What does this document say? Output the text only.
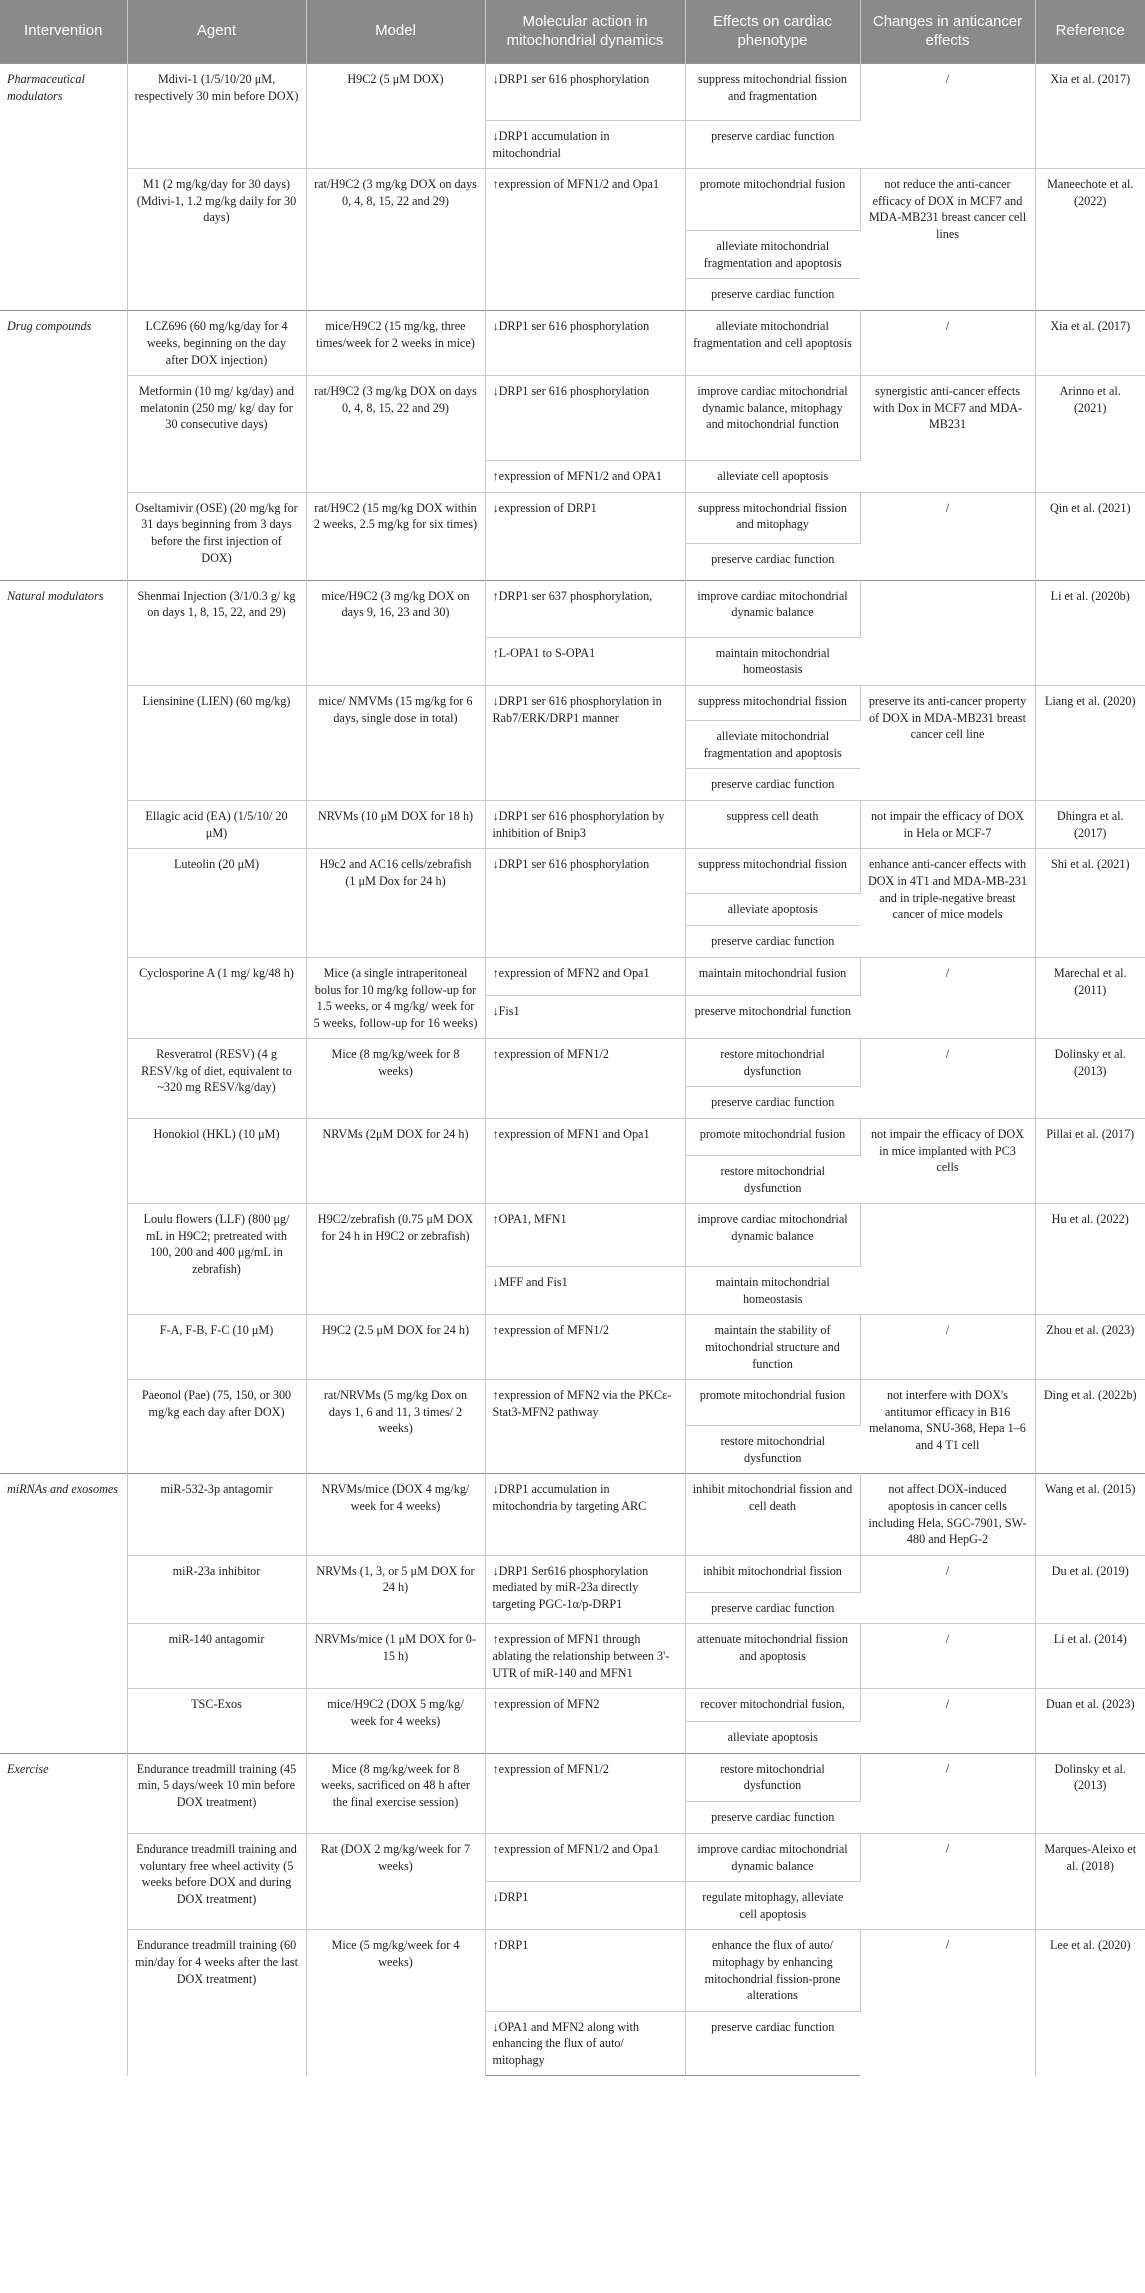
Intervention	Agent	Model	Molecular action in mitochondrial dynamics	Effects on cardiac phenotype	Changes in anticancer effects	Reference
Pharmaceutical modulators	Mdivi-1 (1/5/10/20 μM, respectively 30 min before DOX)	H9C2 (5 μM DOX)	↓DRP1 ser 616 phosphorylation	suppress mitochondrial fission and fragmentation	/	Xia et al. (2017)
			↓DRP1 accumulation in mitochondrial	preserve cardiac function		
	M1 (2 mg/kg/day for 30 days) (Mdivi-1, 1.2 mg/kg daily for 30 days)	rat/H9C2 (3 mg/kg DOX on days 0, 4, 8, 15, 22 and 29)	↑expression of MFN1/2 and Opa1	promote mitochondrial fusion	not reduce the anti-cancer efficacy of DOX in MCF7 and MDA-MB231 breast cancer cell lines	Maneechote et al. (2022)
				alleviate mitochondrial fragmentation and apoptosis		
				preserve cardiac function		
Drug compounds	LCZ696 (60 mg/kg/day for 4 weeks, beginning on the day after DOX injection)	mice/H9C2 (15 mg/kg, three times/week for 2 weeks in mice)	↓DRP1 ser 616 phosphorylation	alleviate mitochondrial fragmentation and cell apoptosis	/	Xia et al. (2017)
	Metformin (10 mg/ kg/day) and melatonin (250 mg/ kg/ day for 30 consecutive days)	rat/H9C2 (3 mg/kg DOX on days 0, 4, 8, 15, 22 and 29)	↓DRP1 ser 616 phosphorylation	improve cardiac mitochondrial dynamic balance, mitophagy and mitochondrial function	synergistic anti-cancer effects with Dox in MCF7 and MDA-MB231	Arinno et al. (2021)
			↑expression of MFN1/2 and OPA1	alleviate cell apoptosis		
	Oseltamivir (OSE) (20 mg/kg for 31 days beginning from 3 days before the first injection of DOX)	rat/H9C2 (15 mg/kg DOX within 2 weeks, 2.5 mg/kg for six times)	↓expression of DRP1	suppress mitochondrial fission and mitophagy	/	Qin et al. (2021)
				preserve cardiac function		
Natural modulators	Shenmai Injection (3/1/0.3 g/ kg on days 1, 8, 15, 22, and 29)	mice/H9C2 (3 mg/kg DOX on days 9, 16, 23 and 30)	↑DRP1 ser 637 phosphorylation,	improve cardiac mitochondrial dynamic balance		Li et al. (2020b)
			↑L-OPA1 to S-OPA1	maintain mitochondrial homeostasis		
	Liensinine (LIEN) (60 mg/kg)	mice/ NMVMs (15 mg/kg for 6 days, single dose in total)	↓DRP1 ser 616 phosphorylation in Rab7/ERK/DRP1 manner	suppress mitochondrial fission	preserve its anti-cancer property of DOX in MDA-MB231 breast cancer cell line	Liang et al. (2020)
				alleviate mitochondrial fragmentation and apoptosis		
				preserve cardiac function		
	Ellagic acid (EA) (1/5/10/ 20 μM)	NRVMs (10 μM DOX for 18 h)	↓DRP1 ser 616 phosphorylation by inhibition of Bnip3	suppress cell death	not impair the efficacy of DOX in Hela or MCF-7	Dhingra et al. (2017)
	Luteolin (20 μM)	H9c2 and AC16 cells/zebrafish (1 μM Dox for 24 h)	↓DRP1 ser 616 phosphorylation	suppress mitochondrial fission	enhance anti-cancer effects with DOX in 4T1 and MDA-MB-231 and in triple-negative breast cancer of mice models	Shi et al. (2021)
				alleviate apoptosis		
				preserve cardiac function		
	Cyclosporine A (1 mg/ kg/48 h)	Mice (a single intraperitoneal bolus for 10 mg/kg follow-up for 1.5 weeks, or 4 mg/kg/ week for 5 weeks, follow-up for 16 weeks)	↑expression of MFN2 and Opa1	maintain mitochondrial fusion	/	Marechal et al. (2011)
			↓Fis1	preserve mitochondrial function		
	Resveratrol (RESV) (4 g RESV/kg of diet, equivalent to ~320 mg RESV/kg/day)	Mice (8 mg/kg/week for 8 weeks)	↑expression of MFN1/2	restore mitochondrial dysfunction	/	Dolinsky et al. (2013)
				preserve cardiac function		
	Honokiol (HKL) (10 μM)	NRVMs (2μM DOX for 24 h)	↑expression of MFN1 and Opa1	promote mitochondrial fusion	not impair the efficacy of DOX in mice implanted with PC3 cells	Pillai et al. (2017)
				restore mitochondrial dysfunction		
	Loulu flowers (LLF) (800 μg/ mL in H9C2; pretreated with 100, 200 and 400 μg/mL in zebrafish)	H9C2/zebrafish (0.75 μM DOX for 24 h in H9C2 or zebrafish)	↑OPA1, MFN1	improve cardiac mitochondrial dynamic balance		Hu et al. (2022)
			↓MFF and Fis1	maintain mitochondrial homeostasis		
	F-A, F-B, F-C (10 μM)	H9C2 (2.5 μM DOX for 24 h)	↑expression of MFN1/2	maintain the stability of mitochondrial structure and function	/	Zhou et al. (2023)
	Paeonol (Pae) (75, 150, or 300 mg/kg each day after DOX)	rat/NRVMs (5 mg/kg Dox on days 1, 6 and 11, 3 times/ 2 weeks)	↑expression of MFN2 via the PKCε-Stat3-MFN2 pathway	promote mitochondrial fusion	not interfere with DOX's antitumor efficacy in B16 melanoma, SNU-368, Hepa 1–6 and 4 T1 cell	Ding et al. (2022b)
				restore mitochondrial dysfunction		
miRNAs and exosomes	miR-532-3p antagomir	NRVMs/mice (DOX 4 mg/kg/ week for 4 weeks)	↓DRP1 accumulation in mitochondria by targeting ARC	inhibit mitochondrial fission and cell death	not affect DOX-induced apoptosis in cancer cells including Hela, SGC-7901, SW-480 and HepG-2	Wang et al. (2015)
	miR-23a inhibitor	NRVMs (1, 3, or 5 μM DOX for 24 h)	↓DRP1 Ser616 phosphorylation mediated by miR-23a directly targeting PGC-1α/p-DRP1	inhibit mitochondrial fission	/	Du et al. (2019)
				preserve cardiac function		
	miR-140 antagomir	NRVMs/mice (1 μM DOX for 0-15 h)	↑expression of MFN1 through ablating the relationship between 3'-UTR of miR-140 and MFN1	attenuate mitochondrial fission and apoptosis	/	Li et al. (2014)
	TSC-Exos	mice/H9C2 (DOX 5 mg/kg/ week for 4 weeks)	↑expression of MFN2	recover mitochondrial fusion,	/	Duan et al. (2023)
				alleviate apoptosis		
Exercise	Endurance treadmill training (45 min, 5 days/week 10 min before DOX treatment)	Mice (8 mg/kg/week for 8 weeks, sacrificed on 48 h after the final exercise session)	↑expression of MFN1/2	restore mitochondrial dysfunction	/	Dolinsky et al. (2013)
				preserve cardiac function		
	Endurance treadmill training and voluntary free wheel activity (5 weeks before DOX and during DOX treatment)	Rat (DOX 2 mg/kg/week for 7 weeks)	↑expression of MFN1/2 and Opa1	improve cardiac mitochondrial dynamic balance	/	Marques-Aleixo et al. (2018)
			↓DRP1	regulate mitophagy, alleviate cell apoptosis		
	Endurance treadmill training (60 min/day for 4 weeks after the last DOX treatment)	Mice (5 mg/kg/week for 4 weeks)	↑DRP1	enhance the flux of auto/ mitophagy by enhancing mitochondrial fission-prone alterations	/	Lee et al. (2020)
			↓OPA1 and MFN2 along with enhancing the flux of auto/ mitophagy	preserve cardiac function		
